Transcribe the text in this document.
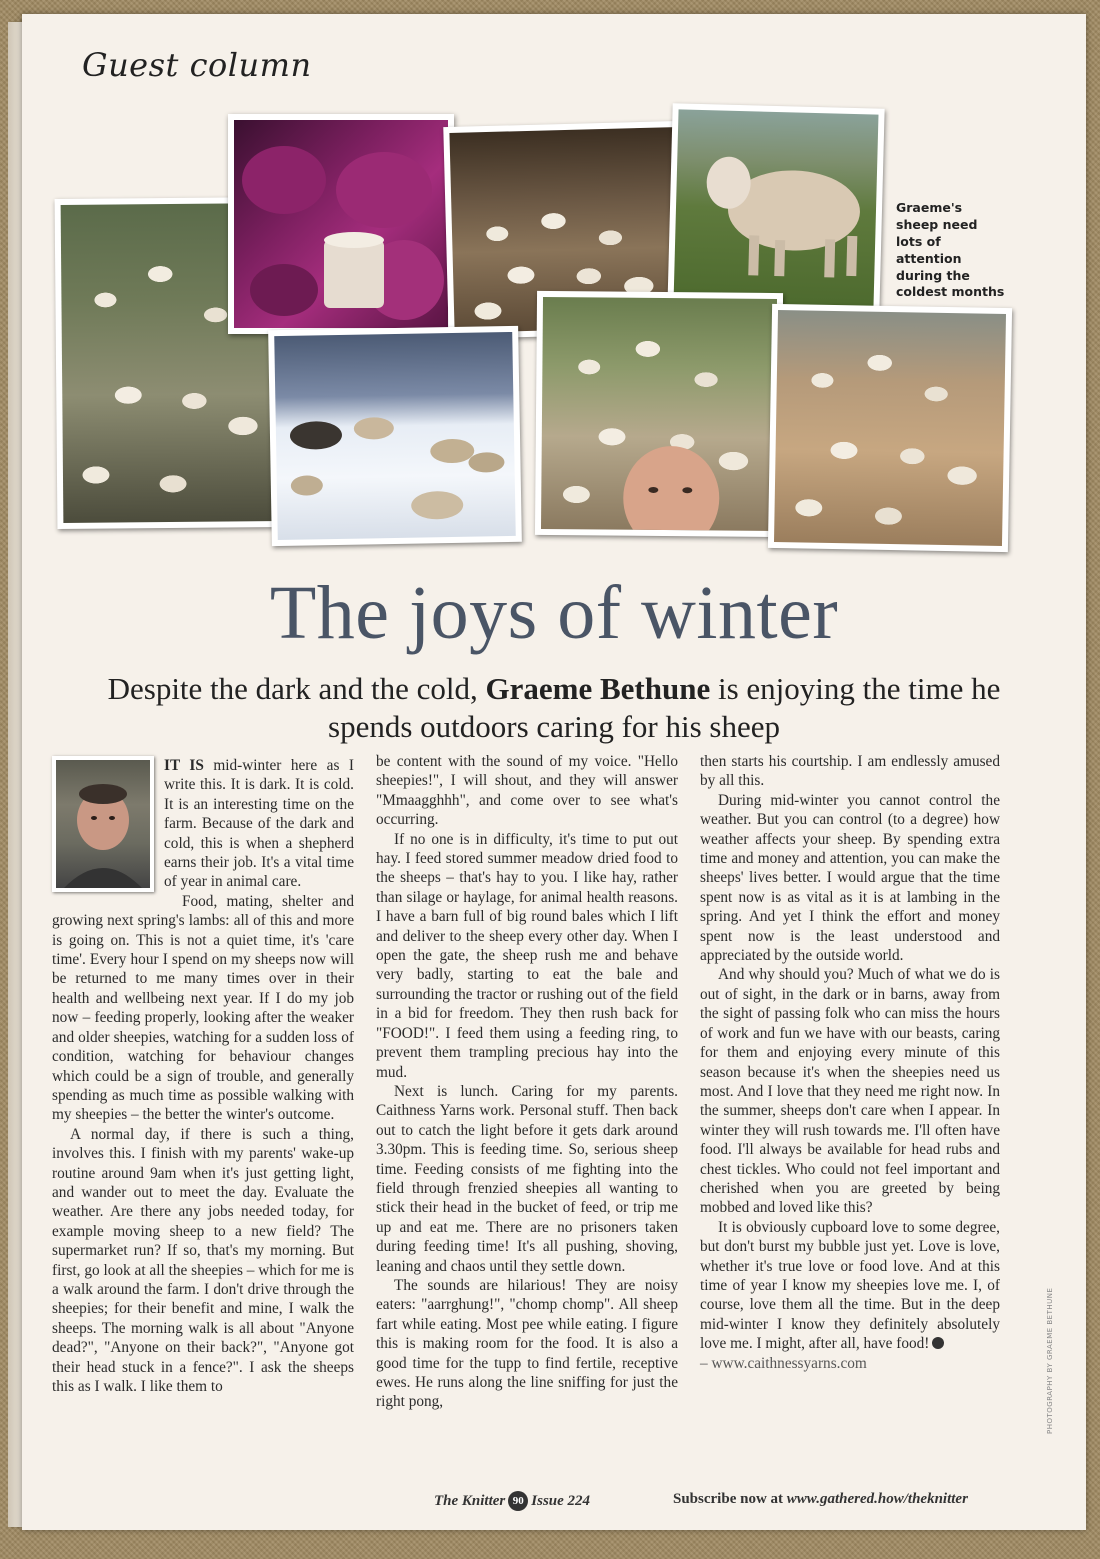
Guest column
Graeme's sheep need lots of attention during the coldest months
The joys of winter
Despite the dark and the cold, Graeme Bethune is enjoying the time he spends outdoors caring for his sheep

IT IS mid-winter here as I write this. It is dark. It is cold. It is an interesting time on the farm. Because of the dark and cold, this is when a shepherd earns their job. It's a vital time of year in animal care.

Food, mating, shelter and growing next spring's lambs: all of this and more is going on. This is not a quiet time, it's 'care time'. Every hour I spend on my sheeps now will be returned to me many times over in their health and wellbeing next year. If I do my job now – feeding properly, looking after the weaker and older sheepies, watching for a sudden loss of condition, watching for behaviour changes which could be a sign of trouble, and generally spending as much time as possible walking with my sheepies – the better the winter's outcome.

A normal day, if there is such a thing, involves this. I finish with my parents' wake-up routine around 9am when it's just getting light, and wander out to meet the day. Evaluate the weather. Are there any jobs needed today, for example moving sheep to a new field? The supermarket run? If so, that's my morning. But first, go look at all the sheepies – which for me is a walk around the farm. I don't drive through the sheepies; for their benefit and mine, I walk the sheeps. The morning walk is all about "Anyone dead?", "Anyone on their back?", "Anyone got their head stuck in a fence?". I ask the sheeps this as I walk. I like them to

be content with the sound of my voice. "Hello sheepies!", I will shout, and they will answer "Mmaagghhh", and come over to see what's occurring.

If no one is in difficulty, it's time to put out hay. I feed stored summer meadow dried food to the sheeps – that's hay to you. I like hay, rather than silage or haylage, for animal health reasons. I have a barn full of big round bales which I lift and deliver to the sheep every other day. When I open the gate, the sheep rush me and behave very badly, starting to eat the bale and surrounding the tractor or rushing out of the field in a bid for freedom. They then rush back for "FOOD!". I feed them using a feeding ring, to prevent them trampling precious hay into the mud.

Next is lunch. Caring for my parents. Caithness Yarns work. Personal stuff. Then back out to catch the light before it gets dark around 3.30pm. This is feeding time. So, serious sheep time. Feeding consists of me fighting into the field through frenzied sheepies all wanting to stick their head in the bucket of feed, or trip me up and eat me. There are no prisoners taken during feeding time! It's all pushing, shoving, leaning and chaos until they settle down.

The sounds are hilarious! They are noisy eaters: "aarrghung!", "chomp chomp". All sheep fart while eating. Most pee while eating. I figure this is making room for the food. It is also a good time for the tupp to find fertile, receptive ewes. He runs along the line sniffing for just the right pong,

then starts his courtship. I am endlessly amused by all this.

During mid-winter you cannot control the weather. But you can control (to a degree) how weather affects your sheep. By spending extra time and money and attention, you can make the sheeps' lives better. I would argue that the time spent now is as vital as it is at lambing in the spring. And yet I think the effort and money spent now is the least understood and appreciated by the outside world.

And why should you? Much of what we do is out of sight, in the dark or in barns, away from the sight of passing folk who can miss the hours of work and fun we have with our beasts, caring for them and enjoying every minute of this season because it's when the sheepies need us most. And I love that they need me right now. In the summer, sheeps don't care when I appear. In winter they will rush towards me. I'll often have food. I'll always be available for head rubs and chest tickles. Who could not feel important and cherished when you are greeted by being mobbed and loved like this?

It is obviously cupboard love to some degree, but don't burst my bubble just yet. Love is love, whether it's true love or food love. And at this time of year I know my sheepies love me. I, of course, love them all the time. But in the deep mid-winter I know they definitely absolutely love me. I might, after all, have food!

– www.caithnessyarns.com	PHOTOGRAPHY BY GRAEME BETHUNE
The Knitter 90 Issue 224	Subscribe now at www.gathered.how/theknitter
